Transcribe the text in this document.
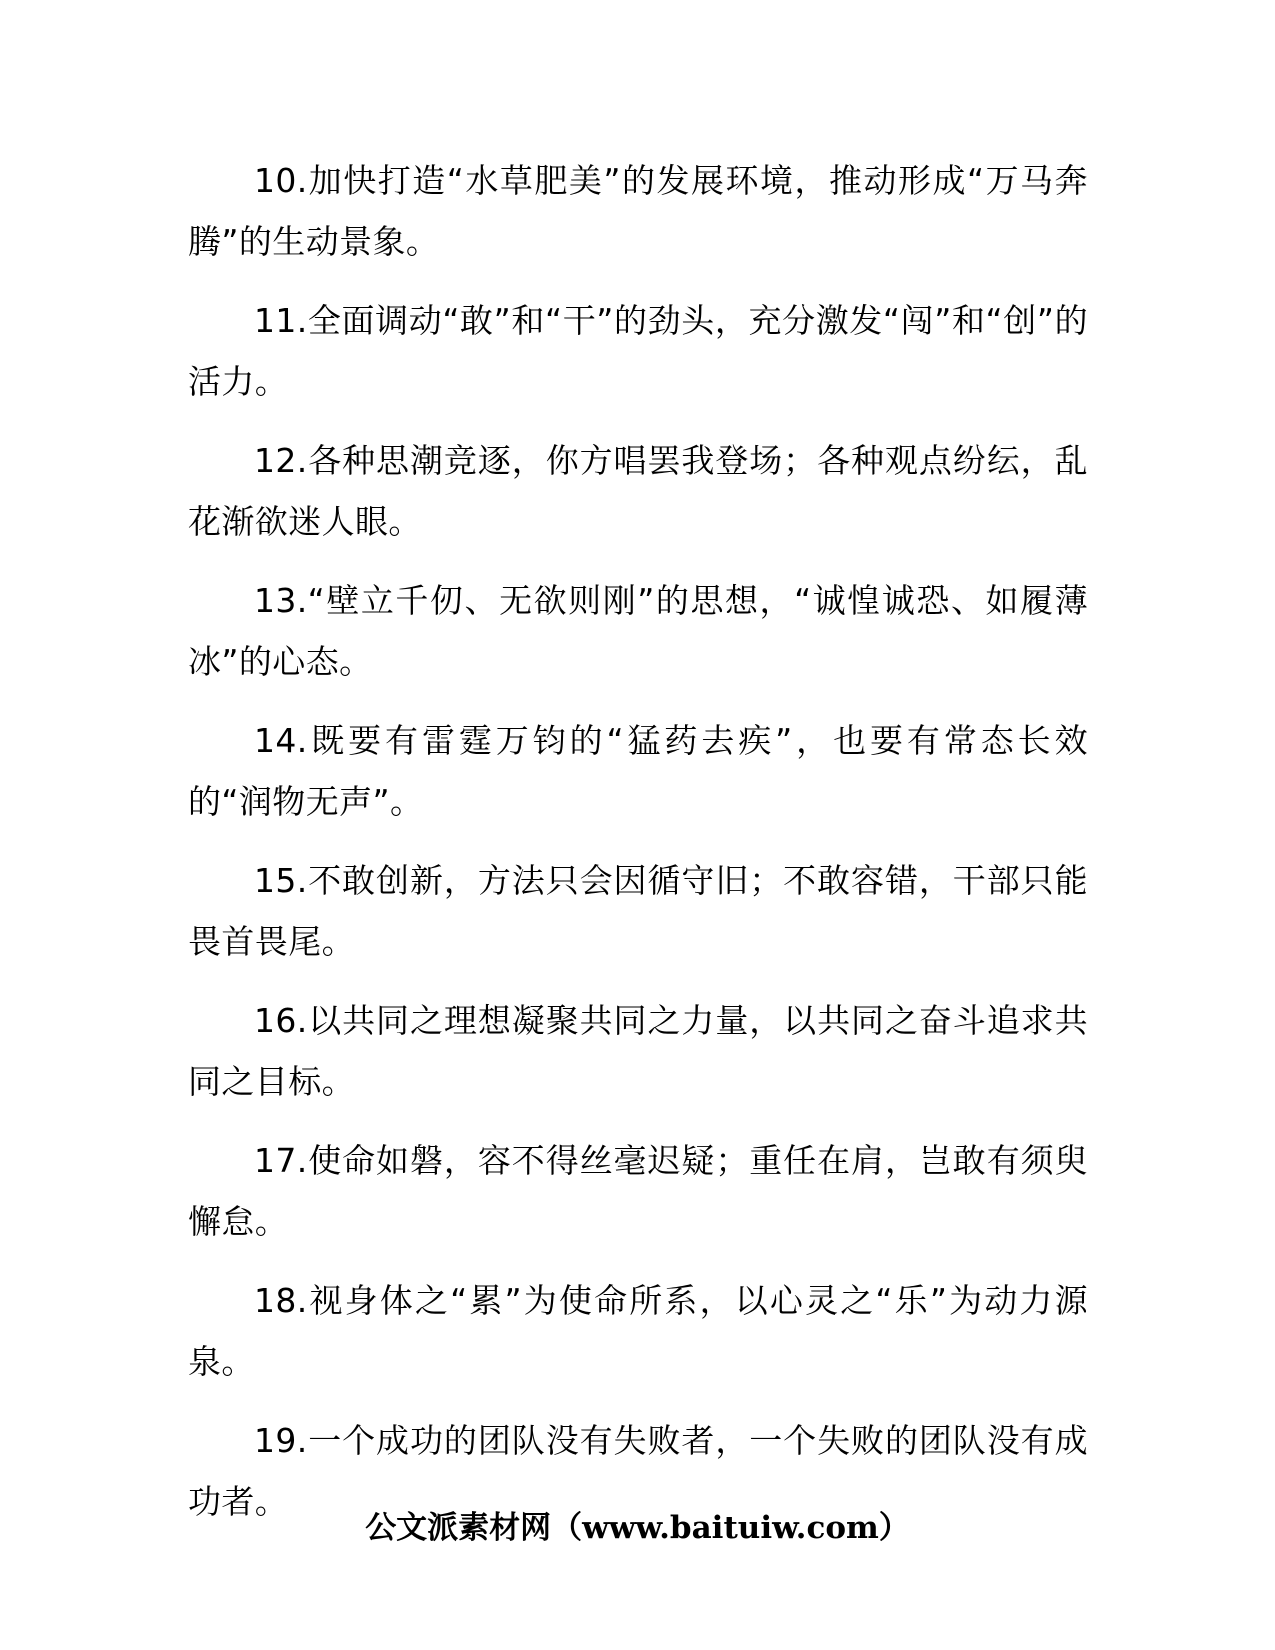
10.加快打造“水草肥美”的发展环境，推动形成“万马奔腾”的生动景象。

11.全面调动“敢”和“干”的劲头，充分激发“闯”和“创”的活力。

12.各种思潮竞逐，你方唱罢我登场；各种观点纷纭，乱花渐欲迷人眼。

13.“壁立千仞、无欲则刚”的思想，“诚惶诚恐、如履薄冰”的心态。

14.既要有雷霆万钧的“猛药去疾”，也要有常态长效的“润物无声”。

15.不敢创新，方法只会因循守旧；不敢容错，干部只能畏首畏尾。

16.以共同之理想凝聚共同之力量，以共同之奋斗追求共同之目标。

17.使命如磐，容不得丝毫迟疑；重任在肩，岂敢有须臾懈怠。

18.视身体之“累”为使命所系，以心灵之“乐”为动力源泉。

19.一个成功的团队没有失败者，一个失败的团队没有成功者。

公文派素材网（www.baituiw.com）
